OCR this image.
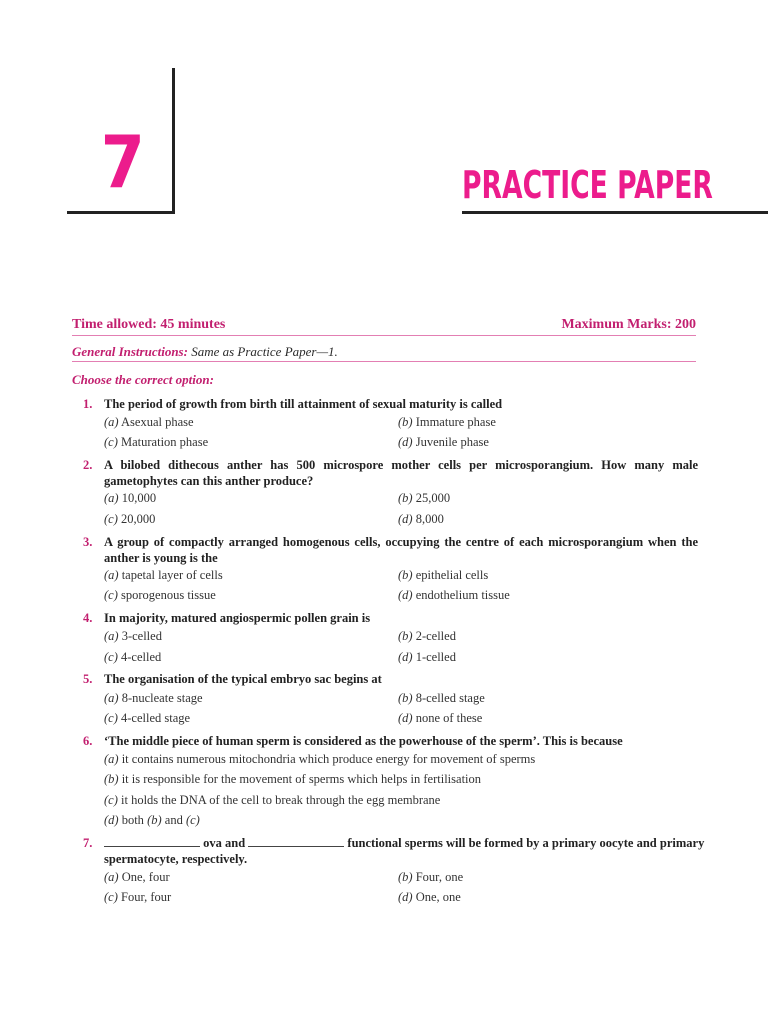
7	PRACTICE PAPER
Time allowed: 45 minutes	Maximum Marks: 200
General Instructions: Same as Practice Paper—1.
Choose the correct option:
1. The period of growth from birth till attainment of sexual maturity is called
(a) Asexual phase	(b) Immature phase
(c) Maturation phase	(d) Juvenile phase
2. A bilobed dithecous anther has 500 microspore mother cells per microsporangium. How many male gametophytes can this anther produce?
(a) 10,000	(b) 25,000
(c) 20,000	(d) 8,000
3. A group of compactly arranged homogenous cells, occupying the centre of each microsporangium when the anther is young is the
(a) tapetal layer of cells	(b) epithelial cells
(c) sporogenous tissue	(d) endothelium tissue
4. In majority, matured angiospermic pollen grain is
(a) 3-celled	(b) 2-celled
(c) 4-celled	(d) 1-celled
5. The organisation of the typical embryo sac begins at
(a) 8-nucleate stage	(b) 8-celled stage
(c) 4-celled stage	(d) none of these
6. ‘The middle piece of human sperm is considered as the powerhouse of the sperm’. This is because
(a) it contains numerous mitochondria which produce energy for movement of sperms
(b) it is responsible for the movement of sperms which helps in fertilisation
(c) it holds the DNA of the cell to break through the egg membrane
(d) both (b) and (c)
7.	ova and	functional sperms will be formed by a primary oocyte and primary
spermatocyte, respectively.
(a) One, four	(b) Four, one
(c) Four, four	(d) One, one
